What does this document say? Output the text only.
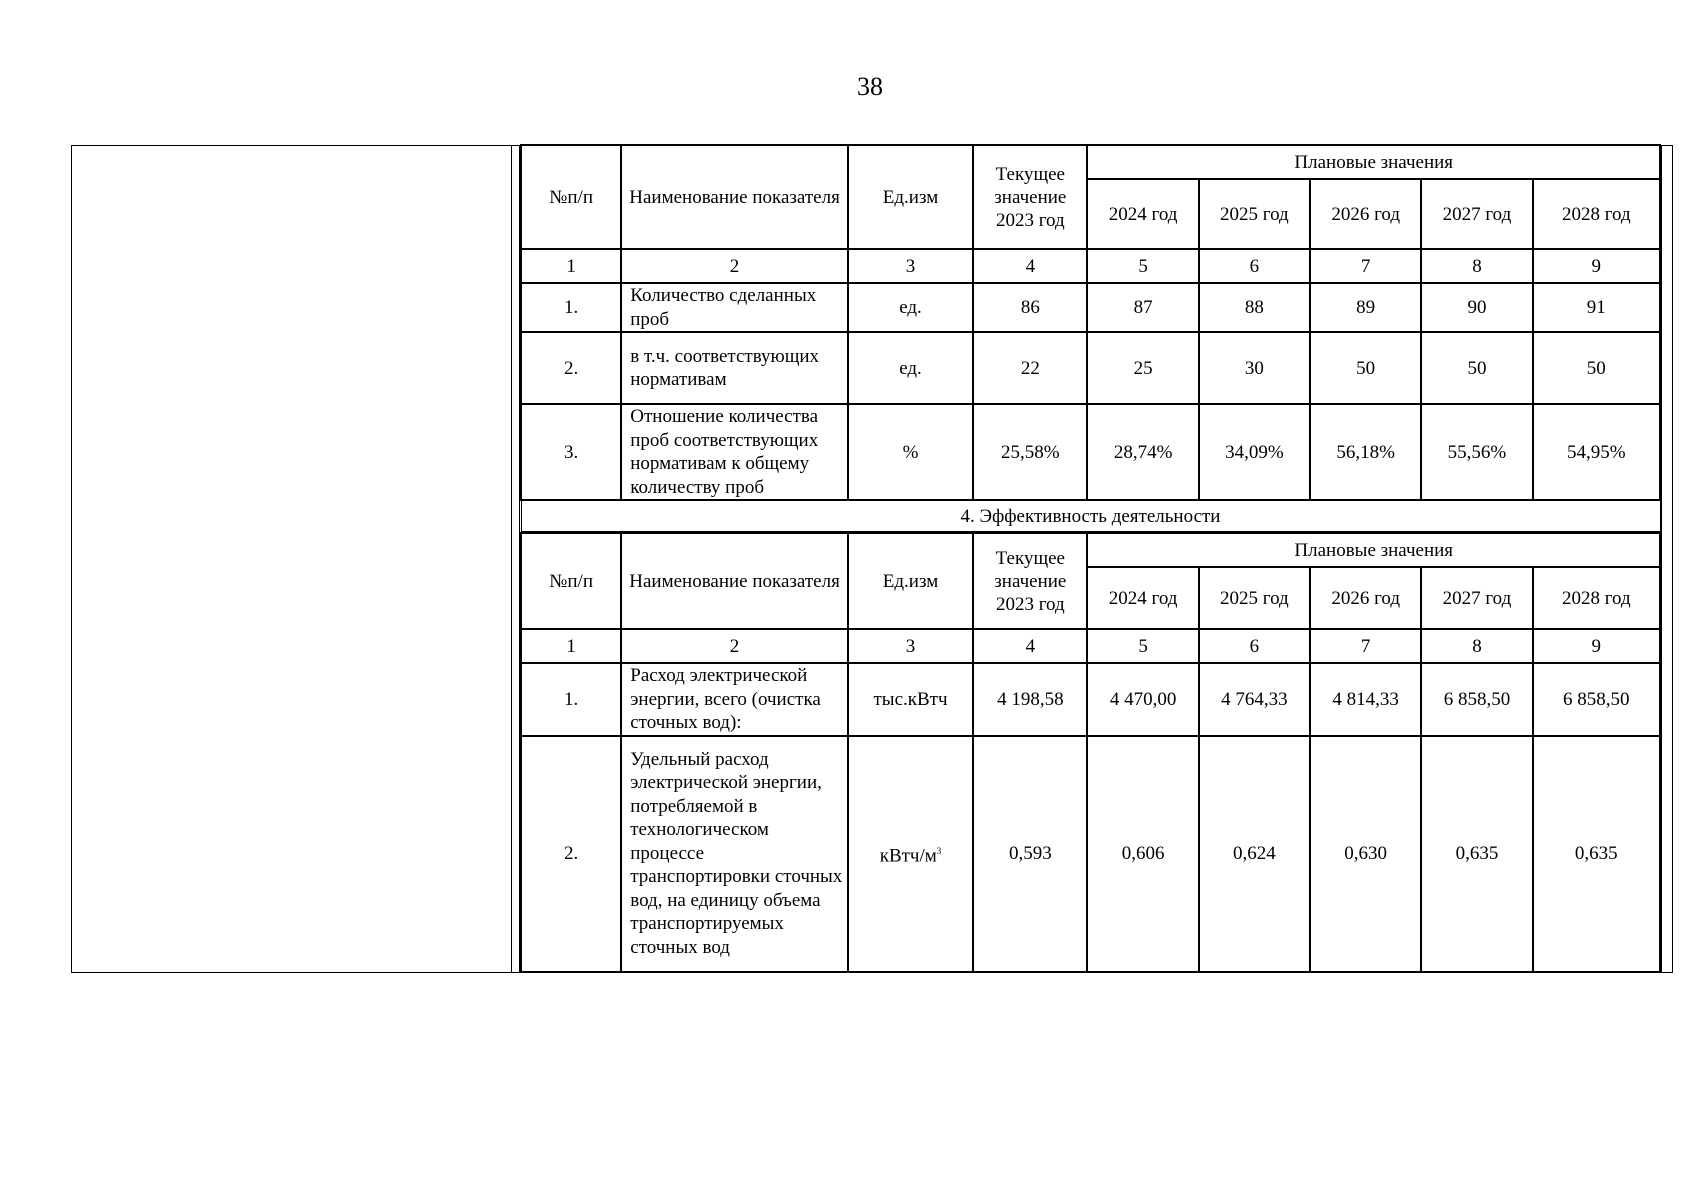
38
№п/п	Наименование показателя	Ед.изм	Текущее значение 2023 год	Плановые значения				
				2024 год	2025 год	2026 год	2027 год	2028 год
1	2	3	4	5	6	7	8	9
1.	Количество сделанных проб	ед.	86	87	88	89	90	91
2.	в т.ч. соответствующих нормативам	ед.	22	25	30	50	50	50
3.	Отношение количества проб соответствующих нормативам к общему количеству проб	%	25,58%	28,74%	34,09%	56,18%	55,56%	54,95%
4. Эффективность деятельности								
№п/п	Наименование показателя	Ед.изм	Текущее значение 2023 год	Плановые значения				
				2024 год	2025 год	2026 год	2027 год	2028 год
1	2	3	4	5	6	7	8	9
1.	Расход электрической энергии, всего (очистка сточных вод):	тыс.кВтч	4 198,58	4 470,00	4 764,33	4 814,33	6 858,50	6 858,50
2.	Удельный расход электрической энергии, потребляемой в технологическом процессе транспортировки сточных вод, на единицу объема транспортируемых сточных вод	кВтч/$м^3$	0,593	0,606	0,624	0,630	0,635	0,635
